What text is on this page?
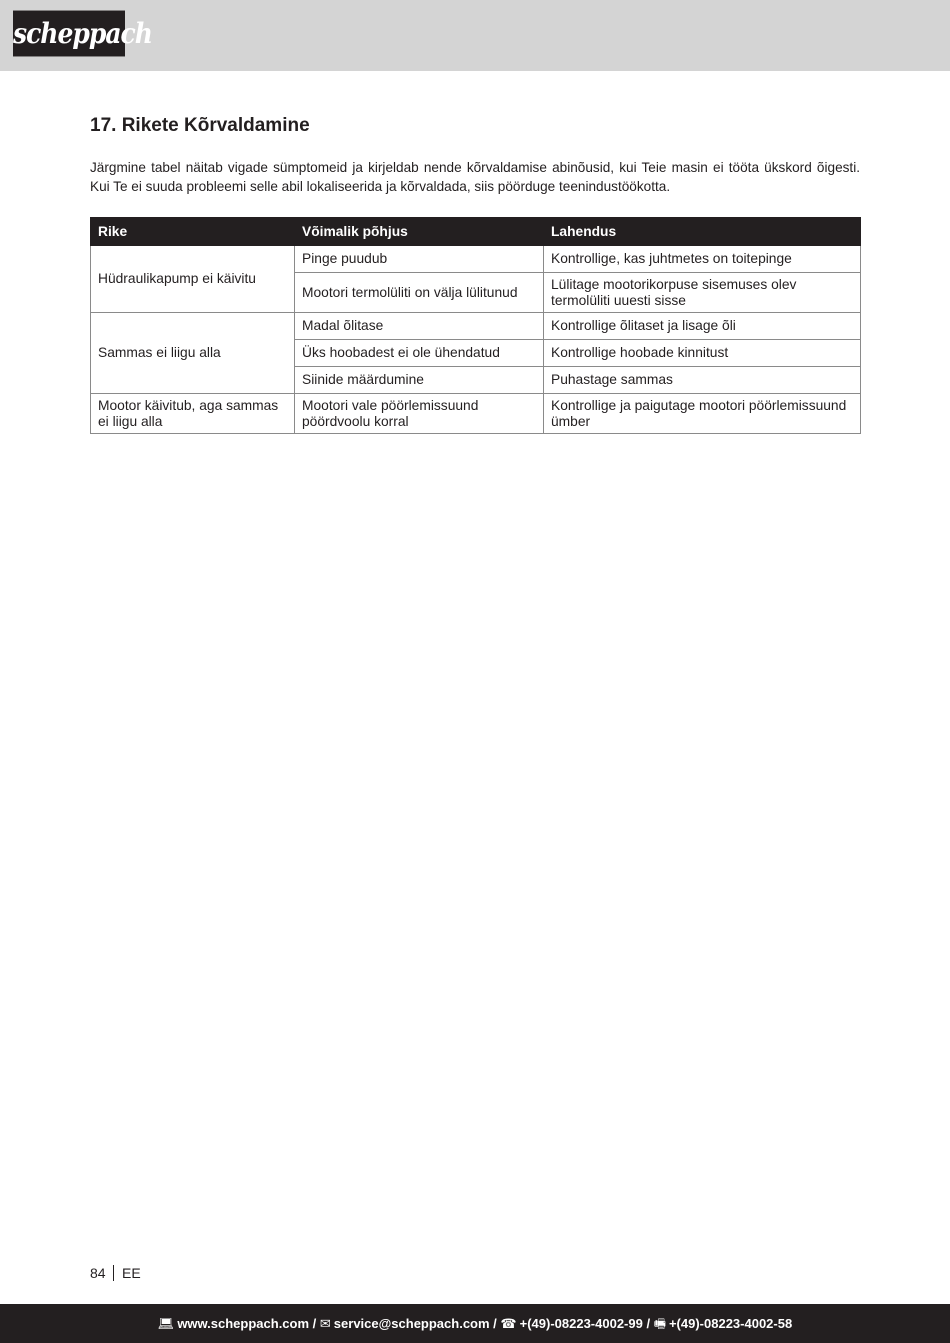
scheppach
17. Rikete Kõrvaldamine

Järgmine tabel näitab vigade sümptomeid ja kirjeldab nende kõrvaldamise abinõusid, kui Teie masin ei tööta ükskord õigesti. Kui Te ei suuda probleemi selle abil lokaliseerida ja kõrvaldada, siis pöörduge teenindustöökotta.

Rike	Võimalik põhjus	Lahendus
Hüdraulikapump ei käivitu	Pinge puudub	Kontrollige, kas juhtmetes on toitepinge
	Mootori termolüliti on välja lülitunud	Lülitage mootorikorpuse sisemuses olev termolüliti uuesti sisse
Sammas ei liigu alla	Madal õlitase	Kontrollige õlitaset ja lisage õli
	Üks hoobadest ei ole ühendatud	Kontrollige hoobade kinnitust
	Siinide määrdumine	Puhastage sammas
Mootor käivitub, aga sammas ei liigu alla	Mootori vale pöörlemissuund pöördvoolu korral	Kontrollige ja paigutage mootori pöörlemissuund ümber
84 EE
💻︎ www.scheppach.com / ✉︎ service@scheppach.com / ☎︎ +(49)-08223-4002-99 / 🖷︎ +(49)-08223-4002-58
